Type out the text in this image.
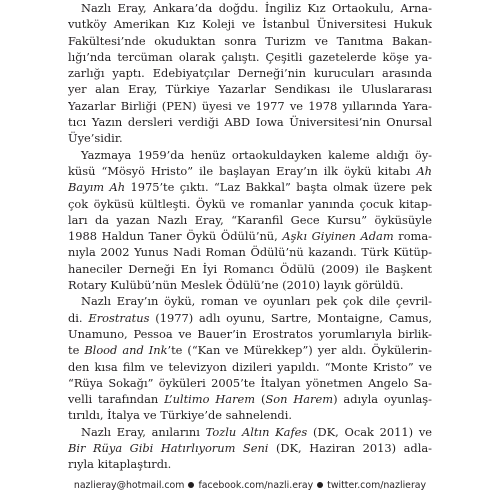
Nazlı Eray, Ankara’da doğdu. İngiliz Kız Ortaokulu, Arna-
vutköy Amerikan Kız Koleji ve İstanbul Üniversitesi Hukuk
Fakültesi’nde okuduktan sonra Turizm ve Tanıtma Bakan-
lığı’nda tercüman olarak çalıştı. Çeşitli gazetelerde köşe ya-
zarlığı yaptı. Edebiyatçılar Derneği’nin kurucuları arasında
yer alan Eray, Türkiye Yazarlar Sendikası ile Uluslararası
Yazarlar Birliği (PEN) üyesi ve 1977 ve 1978 yıllarında Yara-
tıcı Yazın dersleri verdiği ABD Iowa Üniversitesi’nin Onursal
Üye’sidir.
Yazmaya 1959’da henüz ortaokuldayken kaleme aldığı öy-
küsü “Mösyö Hristo” ile başlayan Eray’ın ilk öykü kitabı Ah
Bayım Ah 1975’te çıktı. “Laz Bakkal” başta olmak üzere pek
çok öyküsü kültleşti. Öykü ve romanlar yanında çocuk kitap-
ları da yazan Nazlı Eray, “Karanfil Gece Kursu” öyküsüyle
1988 Haldun Taner Öykü Ödülü’nü, Aşkı Giyinen Adam roma-
nıyla 2002 Yunus Nadi Roman Ödülü’nü kazandı. Türk Kütüp-
haneciler Derneği En İyi Romancı Ödülü (2009) ile Başkent
Rotary Kulübü’nün Meslek Ödülü’ne (2010) layık görüldü.
Nazlı Eray’ın öykü, roman ve oyunları pek çok dile çevril-
di. Erostratus (1977) adlı oyunu, Sartre, Montaigne, Camus,
Unamuno, Pessoa ve Bauer’in Erostratos yorumlarıyla birlik-
te Blood and Ink’te (“Kan ve Mürekkep”) yer aldı. Öykülerin-
den kısa film ve televizyon dizileri yapıldı. “Monte Kristo” ve
“Rüya Sokağı” öyküleri 2005’te İtalyan yönetmen Angelo Sa-
velli tarafından L’ultimo Harem (Son Harem) adıyla oyunlaş-
tırıldı, İtalya ve Türkiye’de sahnelendi.
Nazlı Eray, anılarını Tozlu Altın Kafes (DK, Ocak 2011) ve
Bir Rüya Gibi Hatırlıyorum Seni (DK, Haziran 2013) adla-
rıyla kitaplaştırdı.
nazlieray@hotmail.com facebook.com/nazli.eray twitter.com/nazlieray
